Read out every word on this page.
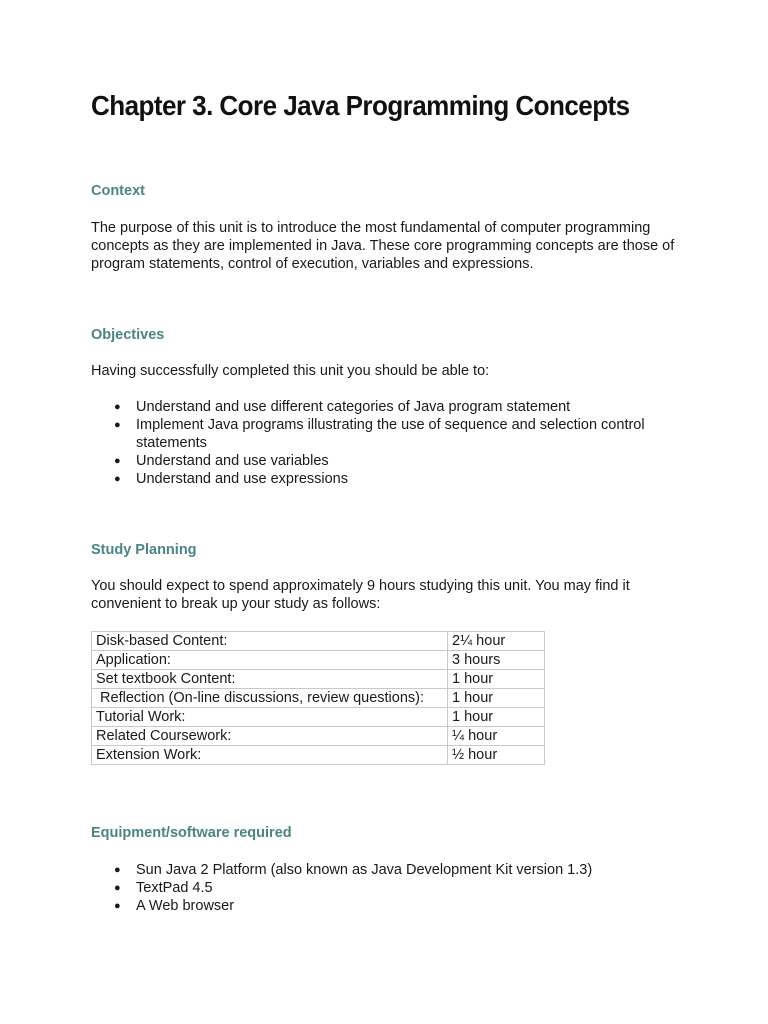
Chapter 3. Core Java Programming Concepts
Context

The purpose of this unit is to introduce the most fundamental of computer programming concepts as they are implemented in Java. These core programming concepts are those of program statements, control of execution, variables and expressions.

Objectives

Having successfully completed this unit you should be able to:

● Understand and use different categories of Java program statement
● Implement Java programs illustrating the use of sequence and selection control statements
● Understand and use variables
● Understand and use expressions
Study Planning

You should expect to spend approximately 9 hours studying this unit. You may find it convenient to break up your study as follows:

Disk-based Content:	2¼ hour
Application:	3 hours
Set textbook Content:	1 hour
Reflection (On-line discussions, review questions):	1 hour
Tutorial Work:	1 hour
Related Coursework:	¼ hour
Extension Work:	½ hour
Equipment/software required
● Sun Java 2 Platform (also known as Java Development Kit version 1.3)
● TextPad 4.5
● A Web browser
